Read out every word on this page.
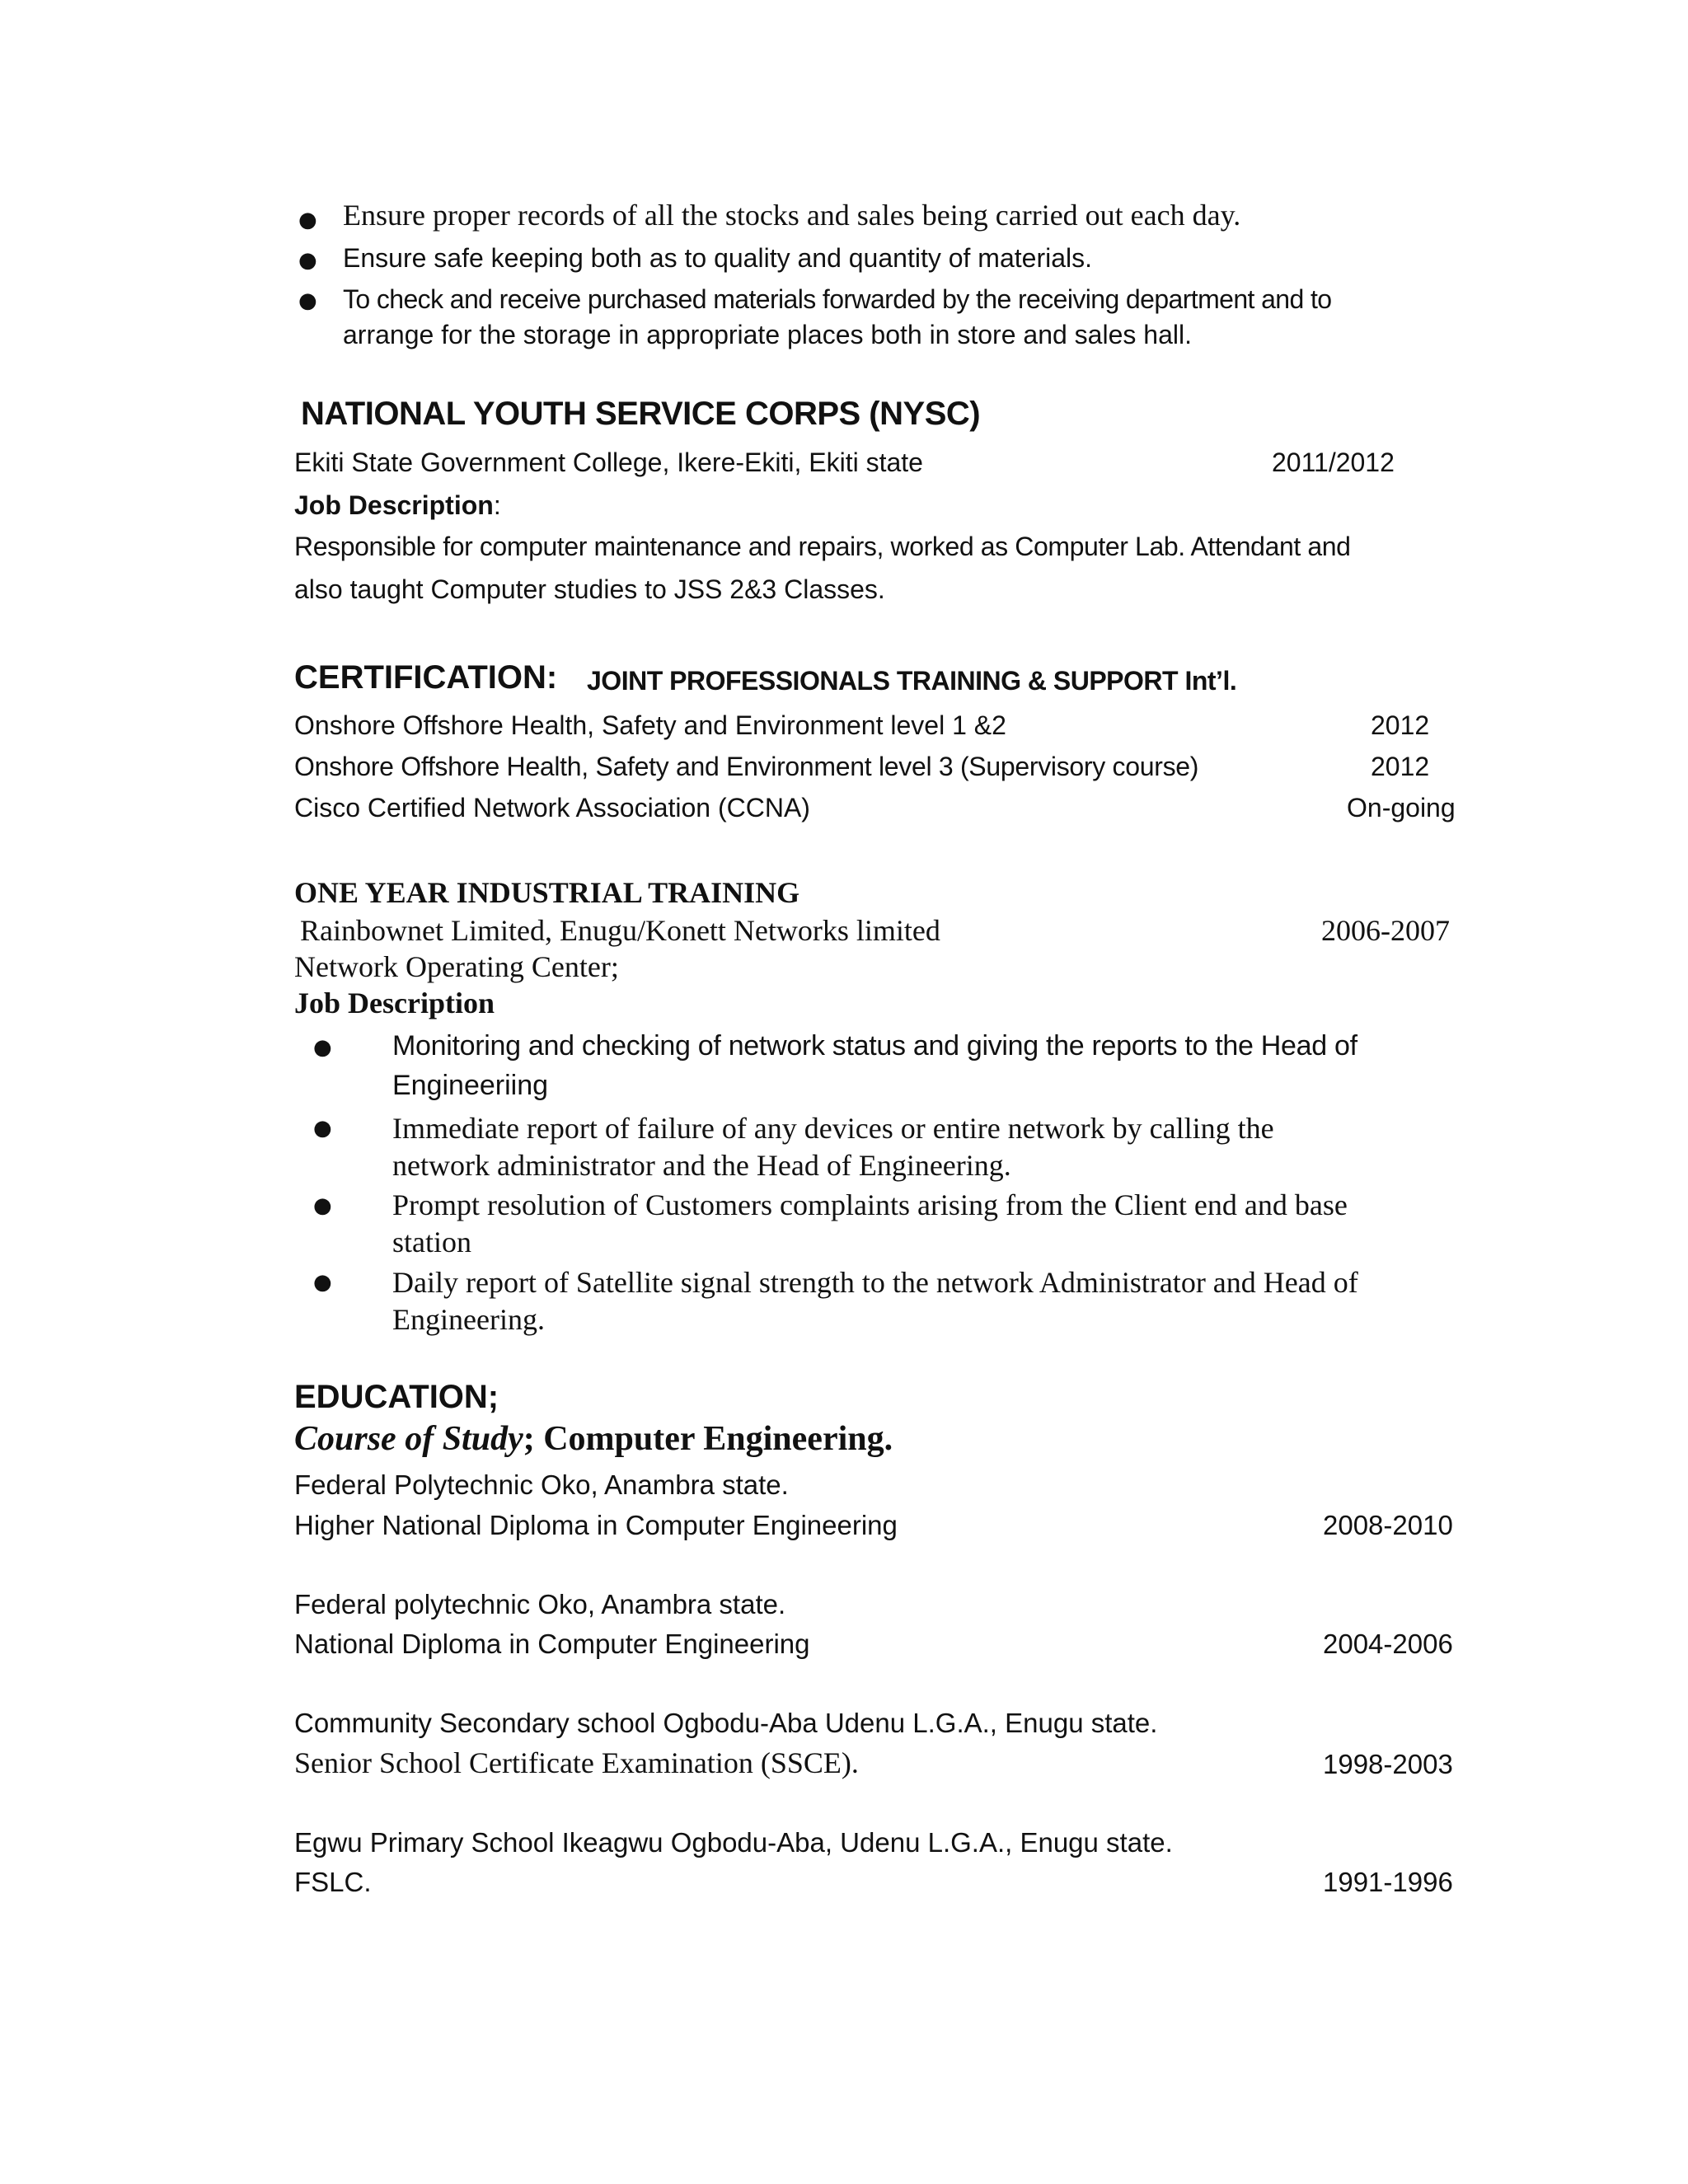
● Ensure proper records of all the stocks and sales being carried out each day.
● Ensure safe keeping both as to quality and quantity of materials.
● To check and receive purchased materials forwarded by the receiving department and to
arrange for the storage in appropriate places both in store and sales hall.
NATIONAL YOUTH SERVICE CORPS (NYSC)
Ekiti State Government College, Ikere-Ekiti, Ekiti state	2011/2012
Job Description:
Responsible for computer maintenance and repairs, worked as Computer Lab. Attendant and
also taught Computer studies to JSS 2&3 Classes.
CERTIFICATION: JOINT PROFESSIONALS TRAINING & SUPPORT Int’l.
Onshore Offshore Health, Safety and Environment level 1 &2	2012
Onshore Offshore Health, Safety and Environment level 3 (Supervisory course)	2012
Cisco Certified Network Association (CCNA)	On-going
ONE YEAR INDUSTRIAL TRAINING
Rainbownet Limited, Enugu/Konett Networks limited	2006-2007
Network Operating Center;
Job Description
● Monitoring and checking of network status and giving the reports to the Head of
Engineeriing
● Immediate report of failure of any devices or entire network by calling the
network administrator and the Head of Engineering.
● Prompt resolution of Customers complaints arising from the Client end and base
station
● Daily report of Satellite signal strength to the network Administrator and Head of
Engineering.
EDUCATION;
Course of Study; Computer Engineering.
Federal Polytechnic Oko, Anambra state.
Higher National Diploma in Computer Engineering	2008-2010
Federal polytechnic Oko, Anambra state.
National Diploma in Computer Engineering	2004-2006
Community Secondary school Ogbodu-Aba Udenu L.G.A., Enugu state.
Senior School Certificate Examination (SSCE).	1998-2003
Egwu Primary School Ikeagwu Ogbodu-Aba, Udenu L.G.A., Enugu state.
FSLC.	1991-1996
